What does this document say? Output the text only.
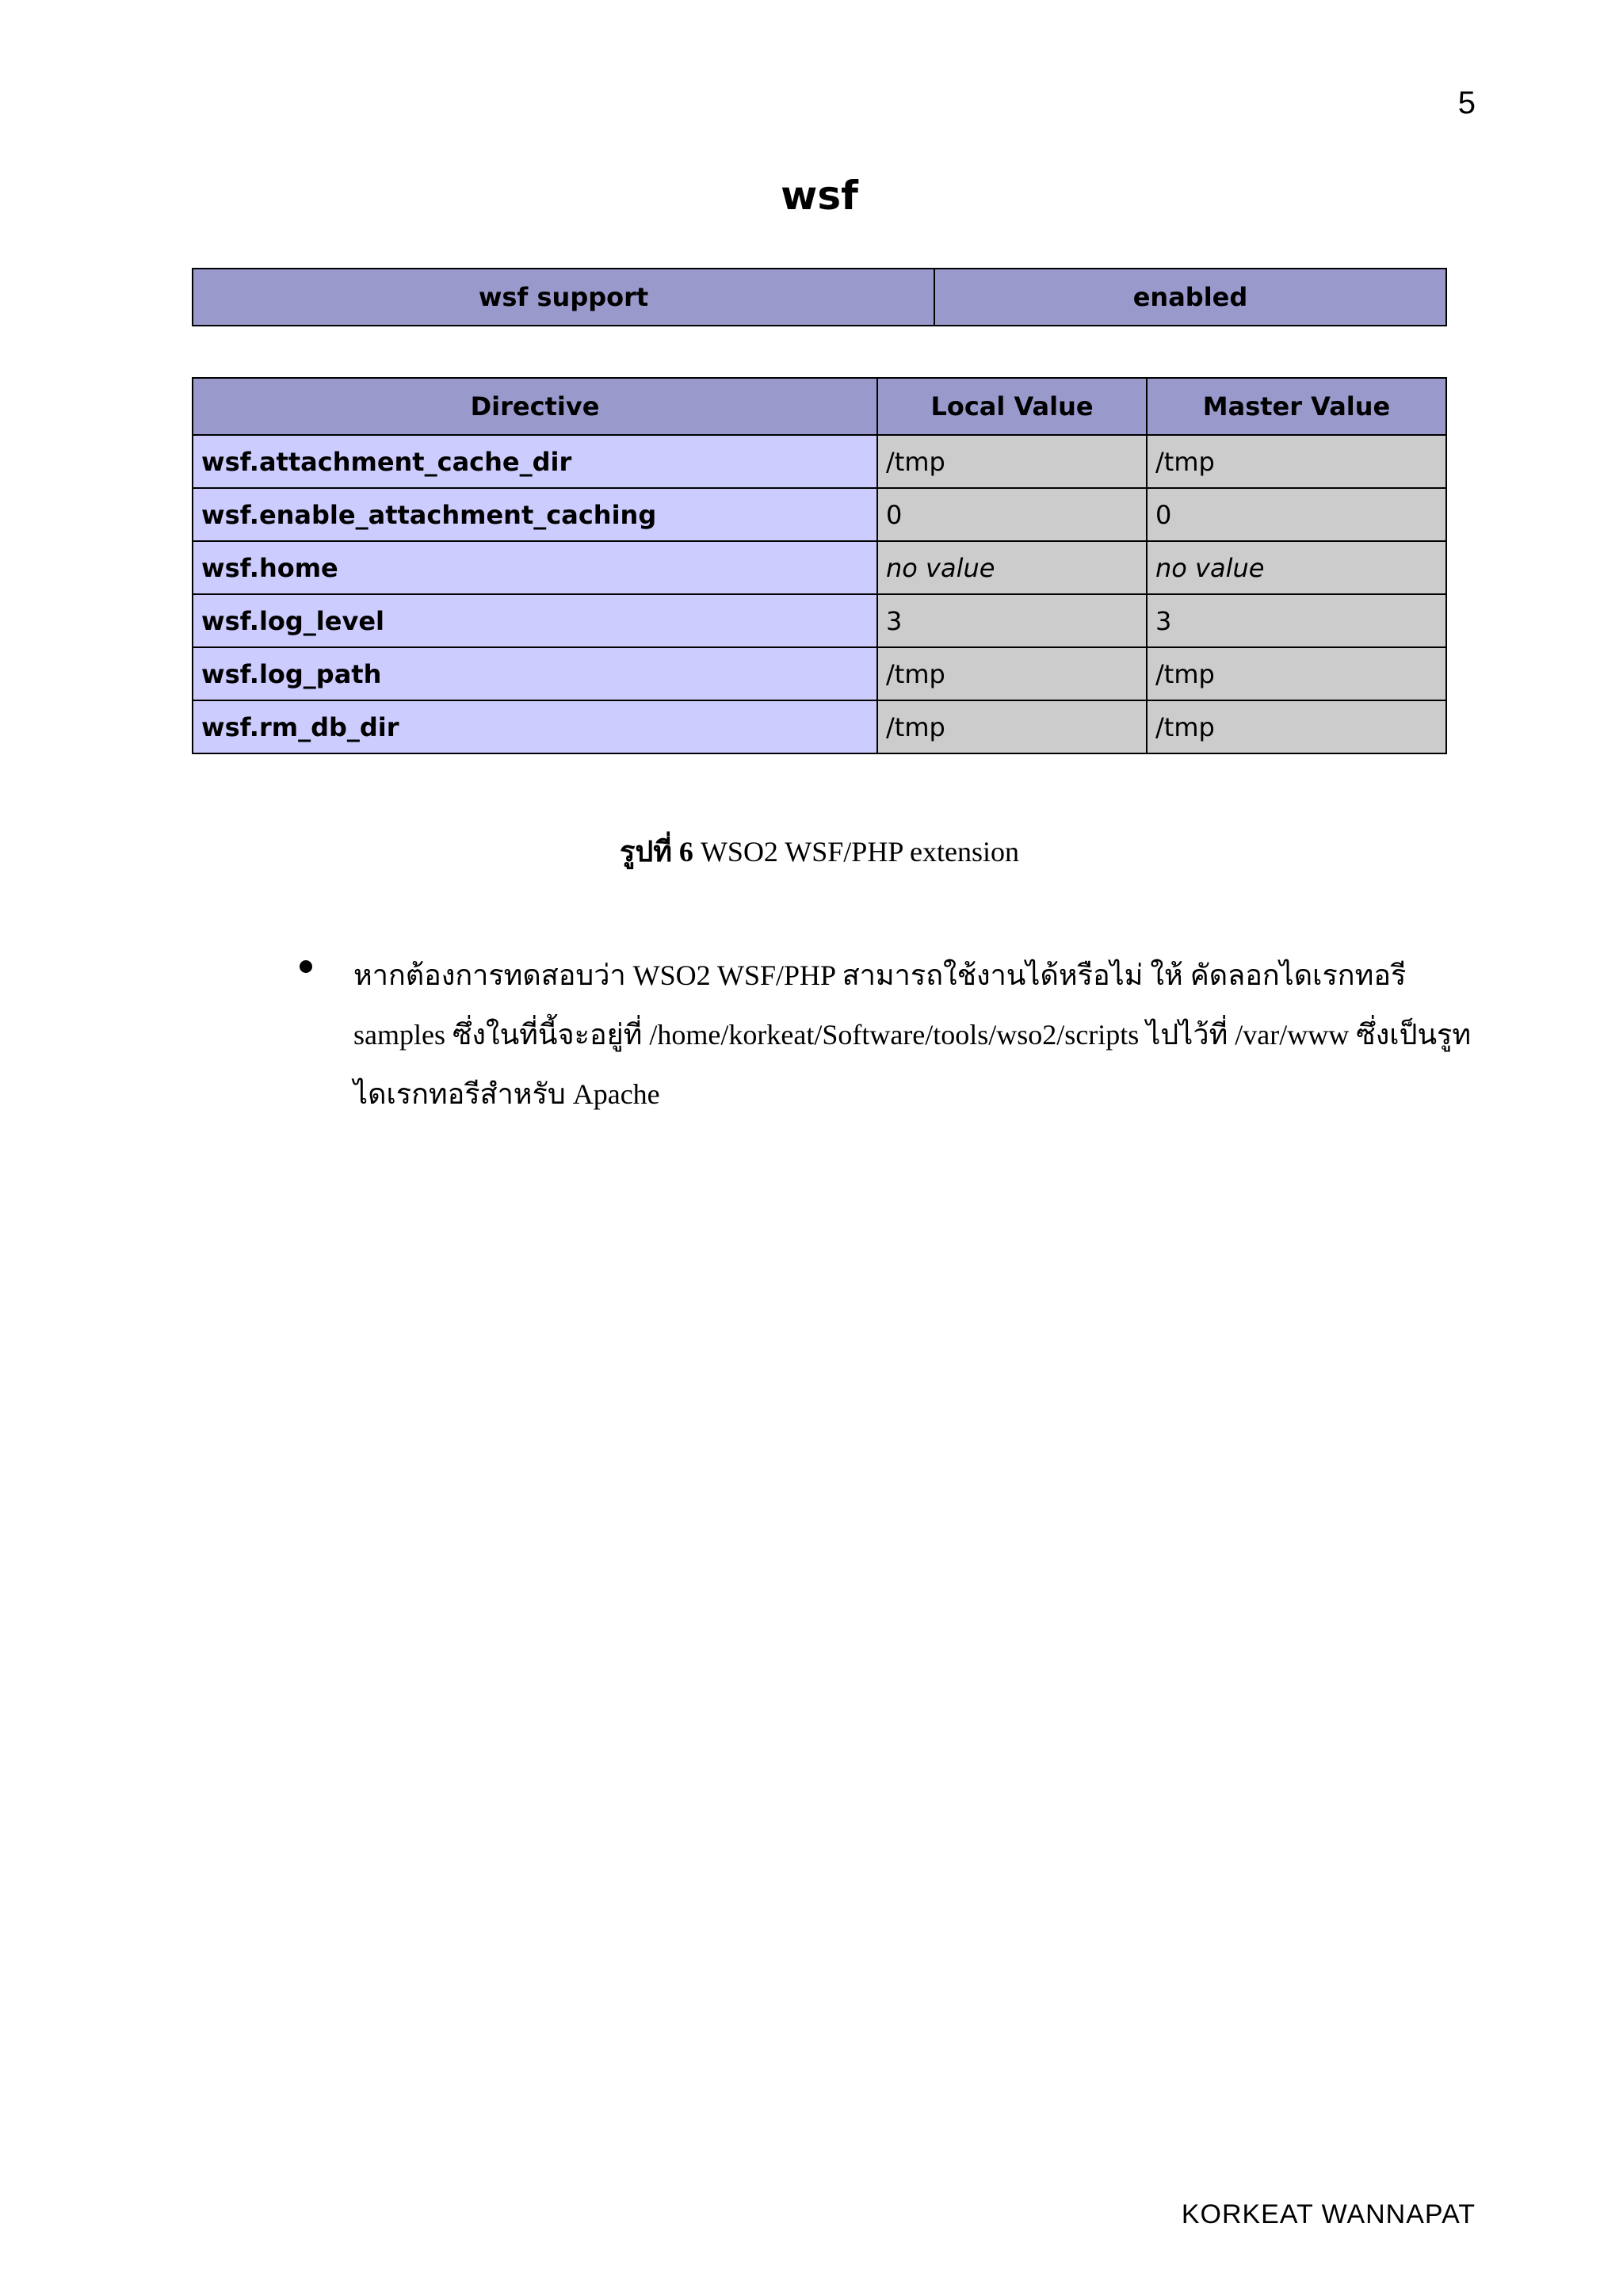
5
wsf
wsf support	enabled
Directive	Local Value	Master Value
wsf.attachment_cache_dir	/tmp	/tmp
wsf.enable_attachment_caching	0	0
wsf.home	no value	no value
wsf.log_level	3	3
wsf.log_path	/tmp	/tmp
wsf.rm_db_dir	/tmp	/tmp
รูปที่ 6 WSO2 WSF/PHP extension
หากต้องการทดสอบว่า WSO2 WSF/PHP สามารถใช้งานได้หรือไม่ ให้ คัดลอกไดเรกทอรี samples ซึ่งในที่นี้จะอยู่ที่ /home/korkeat/Software/tools/wso2/scripts ไปไว้ที่ /var/www ซึ่งเป็นรูทไดเรกทอรีสำหรับ Apache
KORKEAT WANNAPAT
